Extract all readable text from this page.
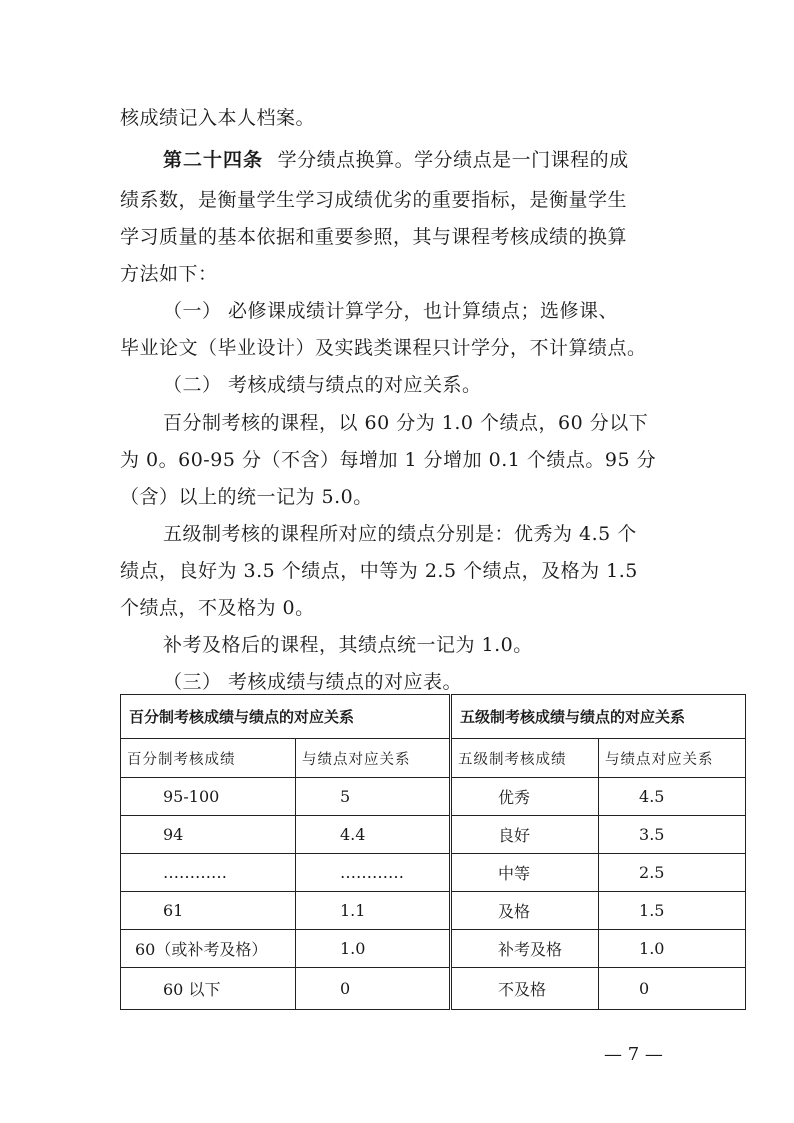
核成绩记入本人档案。
第二十四条 学分绩点换算。学分绩点是一门课程的成
绩系数，是衡量学生学习成绩优劣的重要指标，是衡量学生
学习质量的基本依据和重要参照，其与课程考核成绩的换算
方法如下：
（一） 必修课成绩计算学分，也计算绩点；选修课、
毕业论文（毕业设计）及实践类课程只计学分，不计算绩点。
（二） 考核成绩与绩点的对应关系。
百分制考核的课程，以 60 分为 1.0 个绩点，60 分以下
为 0。60-95 分（不含）每增加 1 分增加 0.1 个绩点。95 分
（含）以上的统一记为 5.0。
五级制考核的课程所对应的绩点分别是：优秀为 4.5 个
绩点，良好为 3.5 个绩点，中等为 2.5 个绩点，及格为 1.5
个绩点，不及格为 0。
补考及格后的课程，其绩点统一记为 1.0。
（三） 考核成绩与绩点的对应表。
百分制考核成绩与绩点的对应关系		五级制考核成绩与绩点的对应关系	
百分制考核成绩	与绩点对应关系	五级制考核成绩	与绩点对应关系
95-100	5	优秀	4.5
94	4.4	良好	3.5
…………	…………	中等	2.5
61	1.1	及格	1.5
60（或补考及格）	1.0	补考及格	1.0
60 以下	0	不及格	0
— 7 —
